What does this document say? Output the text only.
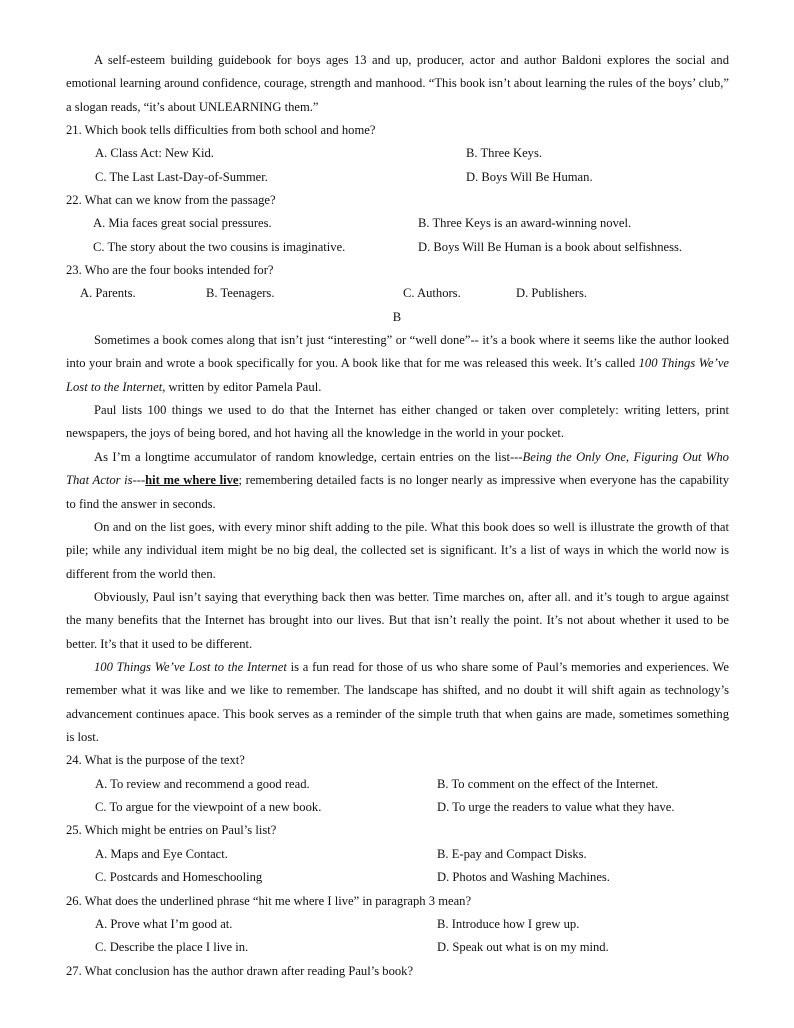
A self-esteem building guidebook for boys ages 13 and up, producer, actor and author Baldoni explores the social and emotional learning around confidence, courage, strength and manhood. “This book isn’t about learning the rules of the boys’ club,” a slogan reads, “it’s about UNLEARNING them.”

21. Which book tells difficulties from both school and home?
A. Class Act: New Kid.	B. Three Keys.
C. The Last Last-Day-of-Summer.	D. Boys Will Be Human.
22. What can we know from the passage?
A. Mia faces great social pressures.	B. Three Keys is an award-winning novel.
C. The story about the two cousins is imaginative.	D. Boys Will Be Human is a book about selfishness.
23. Who are the four books intended for?
A. Parents.	B. Teenagers.	C. Authors.	D. Publishers.
B

Sometimes a book comes along that isn’t just “interesting” or “well done”-- it’s a book where it seems like the author looked into your brain and wrote a book specifically for you. A book like that for me was released this week. It’s called 100 Things We’ve Lost to the Internet, written by editor Pamela Paul.

Paul lists 100 things we used to do that the Internet has either changed or taken over completely: writing letters, print newspapers, the joys of being bored, and hot having all the knowledge in the world in your pocket.

As I’m a longtime accumulator of random knowledge, certain entries on the list---Being the Only One, Figuring Out Who That Actor is---hit me where live; remembering detailed facts is no longer nearly as impressive when everyone has the capability to find the answer in seconds.

On and on the list goes, with every minor shift adding to the pile. What this book does so well is illustrate the growth of that pile; while any individual item might be no big deal, the collected set is significant. It’s a list of ways in which the world now is different from the world then.

Obviously, Paul isn’t saying that everything back then was better. Time marches on, after all. and it’s tough to argue against the many benefits that the Internet has brought into our lives. But that isn’t really the point. It’s not about whether it used to be better. It’s that it used to be different.

100 Things We’ve Lost to the Internet is a fun read for those of us who share some of Paul’s memories and experiences. We remember what it was like and we like to remember. The landscape has shifted, and no doubt it will shift again as technology’s advancement continues apace. This book serves as a reminder of the simple truth that when gains are made, sometimes something is lost.

24. What is the purpose of the text?
A. To review and recommend a good read.	B. To comment on the effect of the Internet.
C. To argue for the viewpoint of a new book.	D. To urge the readers to value what they have.
25. Which might be entries on Paul’s list?
A. Maps and Eye Contact.	B. E-pay and Compact Disks.
C. Postcards and Homeschooling	D. Photos and Washing Machines.
26. What does the underlined phrase “hit me where I live” in paragraph 3 mean?
A. Prove what I’m good at.	B. Introduce how I grew up.
C. Describe the place I live in.	D. Speak out what is on my mind.
27. What conclusion has the author drawn after reading Paul’s book?
